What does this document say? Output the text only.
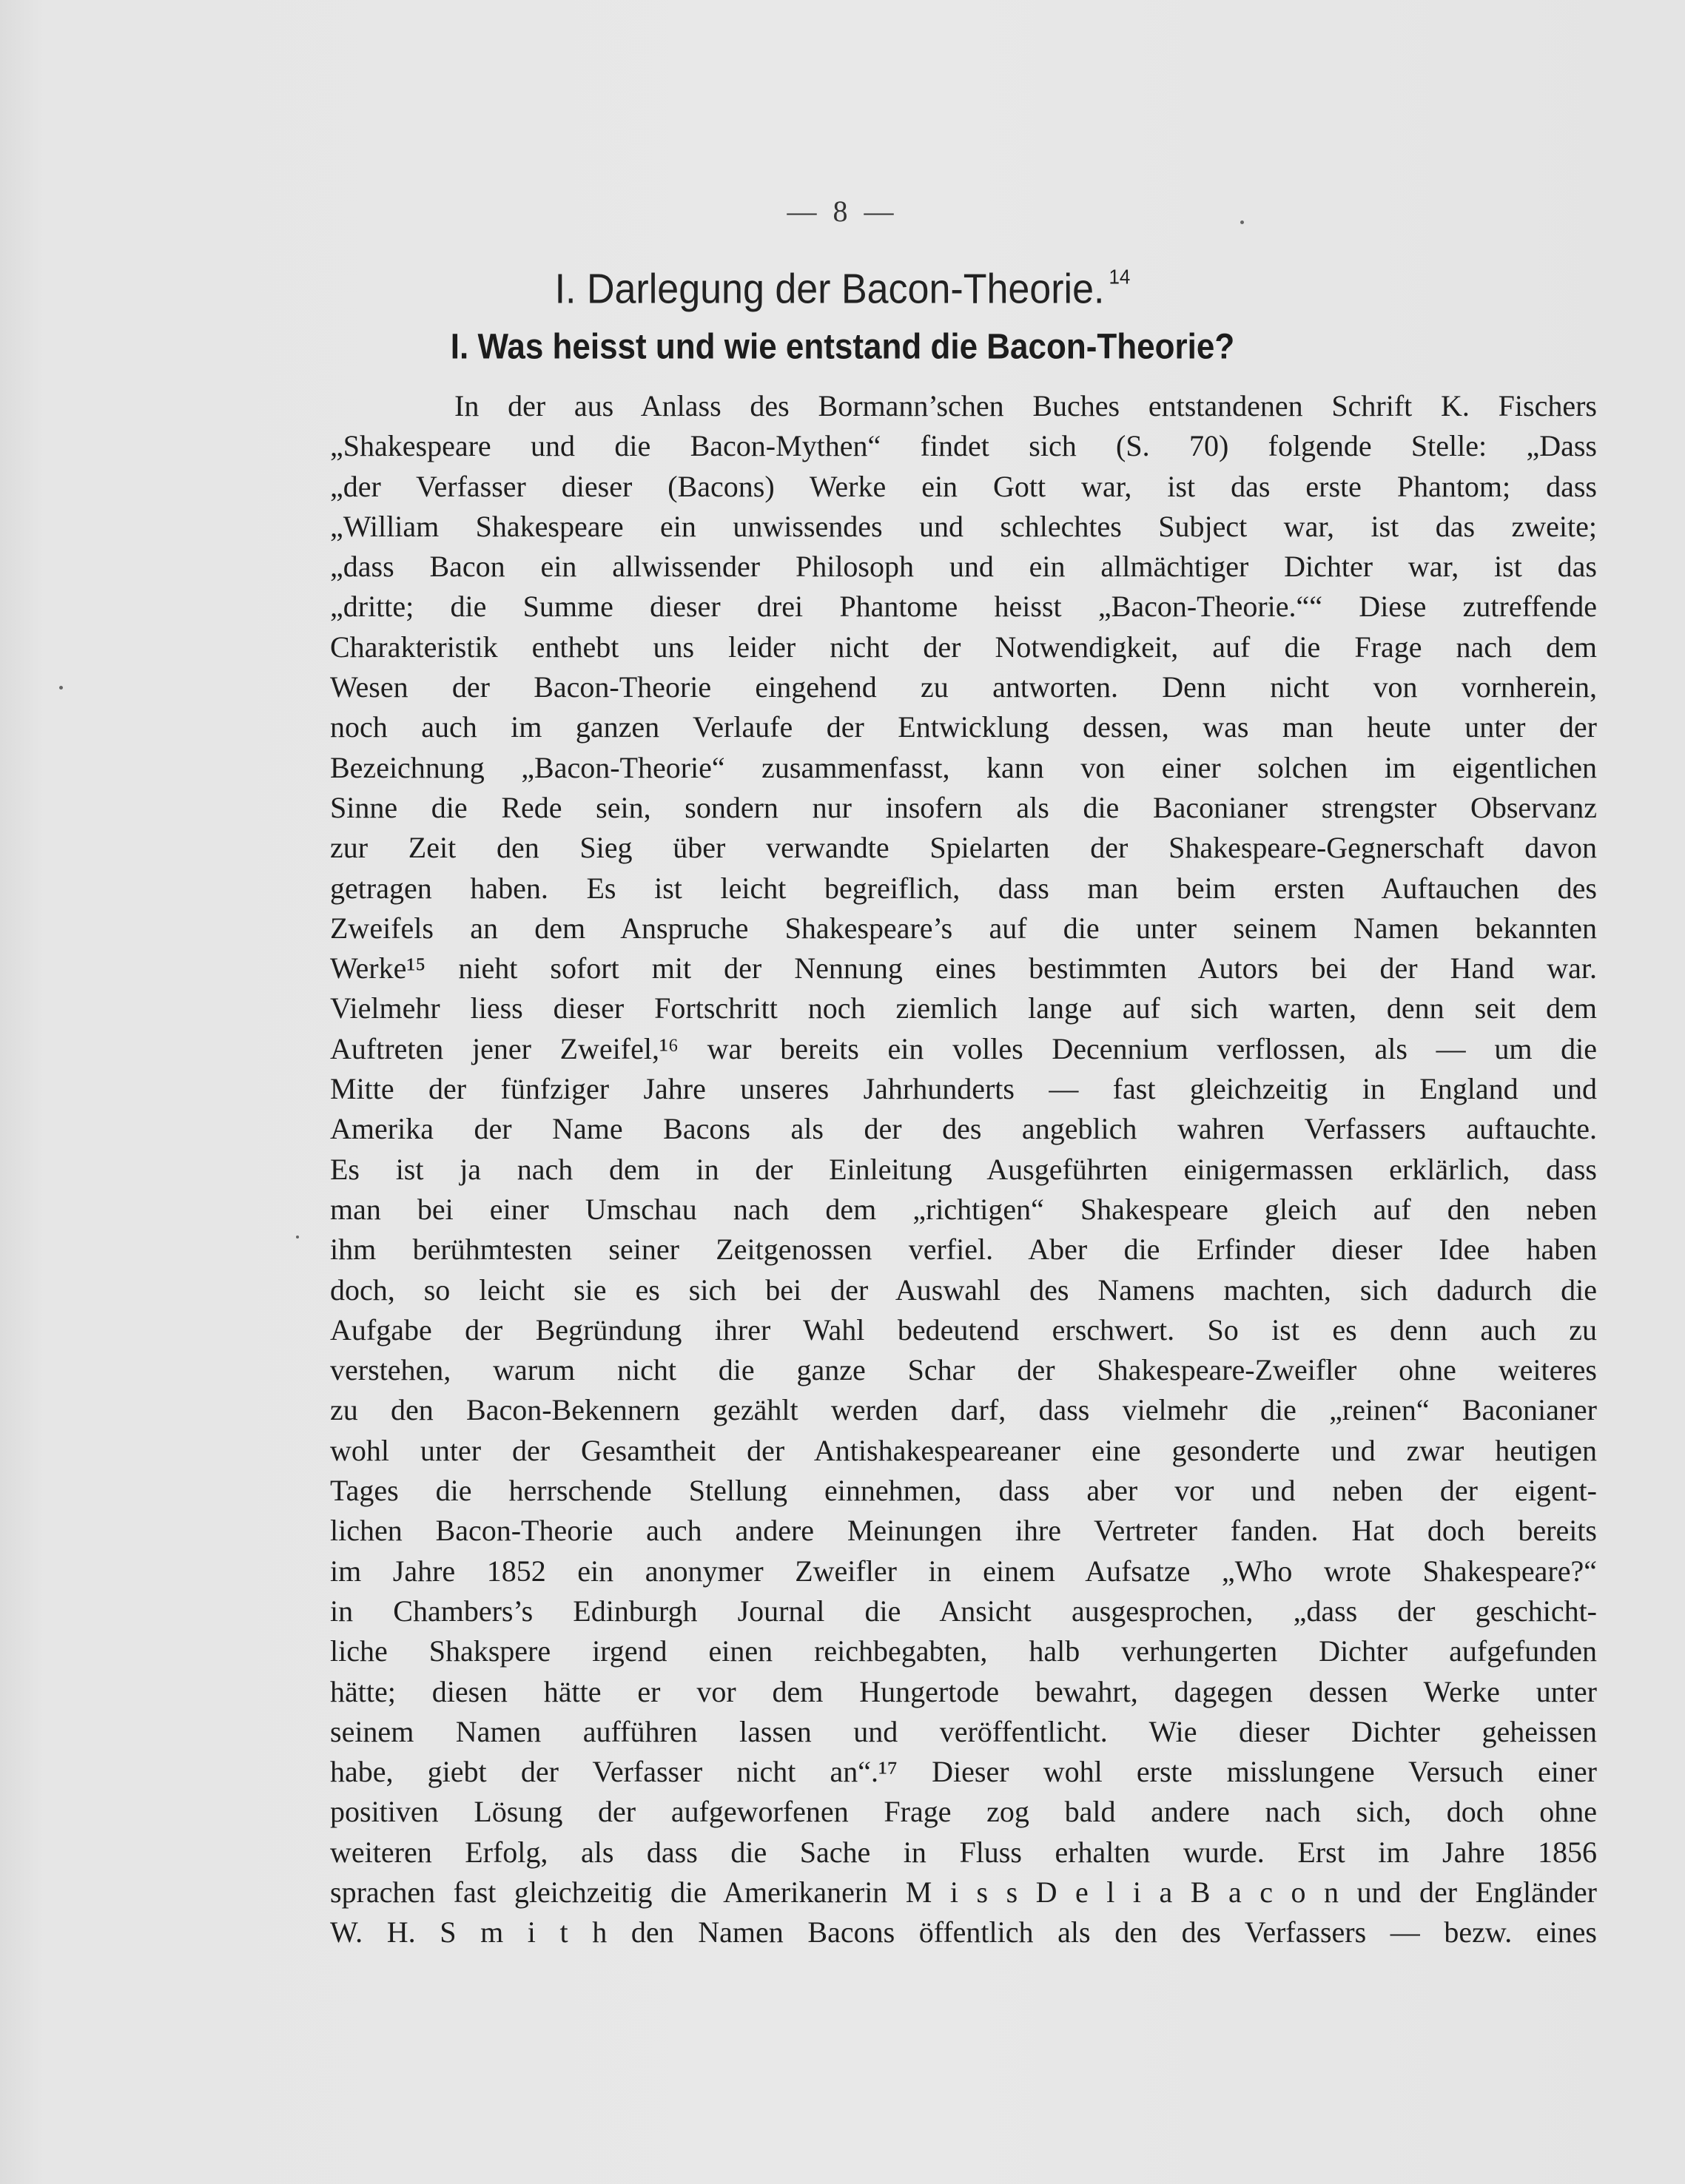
— 8 —
I. Darlegung der Bacon-Theorie. $^{14}$
I. Was heisst und wie entstand die Bacon-Theorie?
In der aus Anlass des Bormann’schen Buches entstandenen Schrift K. Fischers
„Shakespeare und die Bacon-Mythen“ findet sich (S. 70) folgende Stelle: „Dass
„der Verfasser dieser (Bacons) Werke ein Gott war, ist das erste Phantom; dass
„William Shakespeare ein unwissendes und schlechtes Subject war, ist das zweite;
„dass Bacon ein allwissender Philosoph und ein allmächtiger Dichter war, ist das
„dritte; die Summe dieser drei Phantome heisst „Bacon-Theorie.““ Diese zutreffende
Charakteristik enthebt uns leider nicht der Notwendigkeit, auf die Frage nach dem
Wesen der Bacon-Theorie eingehend zu antworten. Denn nicht von vornherein,
noch auch im ganzen Verlaufe der Entwicklung dessen, was man heute unter der
Bezeichnung „Bacon-Theorie“ zusammenfasst, kann von einer solchen im eigentlichen
Sinne die Rede sein, sondern nur insofern als die Baconianer strengster Observanz
zur Zeit den Sieg über verwandte Spielarten der Shakespeare-Gegnerschaft davon
getragen haben. Es ist leicht begreiflich, dass man beim ersten Auftauchen des
Zweifels an dem Anspruche Shakespeare’s auf die unter seinem Namen bekannten
Werke¹⁵ nieht sofort mit der Nennung eines bestimmten Autors bei der Hand war.
Vielmehr liess dieser Fortschritt noch ziemlich lange auf sich warten, denn seit dem
Auftreten jener Zweifel,¹⁶ war bereits ein volles Decennium verflossen, als — um die
Mitte der fünfziger Jahre unseres Jahrhunderts — fast gleichzeitig in England und
Amerika der Name Bacons als der des angeblich wahren Verfassers auftauchte.
Es ist ja nach dem in der Einleitung Ausgeführten einigermassen erklärlich, dass
man bei einer Umschau nach dem „richtigen“ Shakespeare gleich auf den neben
ihm berühmtesten seiner Zeitgenossen verfiel. Aber die Erfinder dieser Idee haben
doch, so leicht sie es sich bei der Auswahl des Namens machten, sich dadurch die
Aufgabe der Begründung ihrer Wahl bedeutend erschwert. So ist es denn auch zu
verstehen, warum nicht die ganze Schar der Shakespeare-Zweifler ohne weiteres
zu den Bacon-Bekennern gezählt werden darf, dass vielmehr die „reinen“ Baconianer
wohl unter der Gesamtheit der Antishakespeareaner eine gesonderte und zwar heutigen
Tages die herrschende Stellung einnehmen, dass aber vor und neben der eigent-
lichen Bacon-Theorie auch andere Meinungen ihre Vertreter fanden. Hat doch bereits
im Jahre 1852 ein anonymer Zweifler in einem Aufsatze „Who wrote Shakespeare?“
in Chambers’s Edinburgh Journal die Ansicht ausgesprochen, „dass der geschicht-
liche Shakspere irgend einen reichbegabten, halb verhungerten Dichter aufgefunden
hätte; diesen hätte er vor dem Hungertode bewahrt, dagegen dessen Werke unter
seinem Namen aufführen lassen und veröffentlicht. Wie dieser Dichter geheissen
habe, giebt der Verfasser nicht an“.¹⁷ Dieser wohl erste misslungene Versuch einer
positiven Lösung der aufgeworfenen Frage zog bald andere nach sich, doch ohne
weiteren Erfolg, als dass die Sache in Fluss erhalten wurde. Erst im Jahre 1856
sprachen fast gleichzeitig die Amerikanerin M i s s D e l i a B a c o n und der Engländer
W. H. S m i t h den Namen Bacons öffentlich als den des Verfassers — bezw. eines
